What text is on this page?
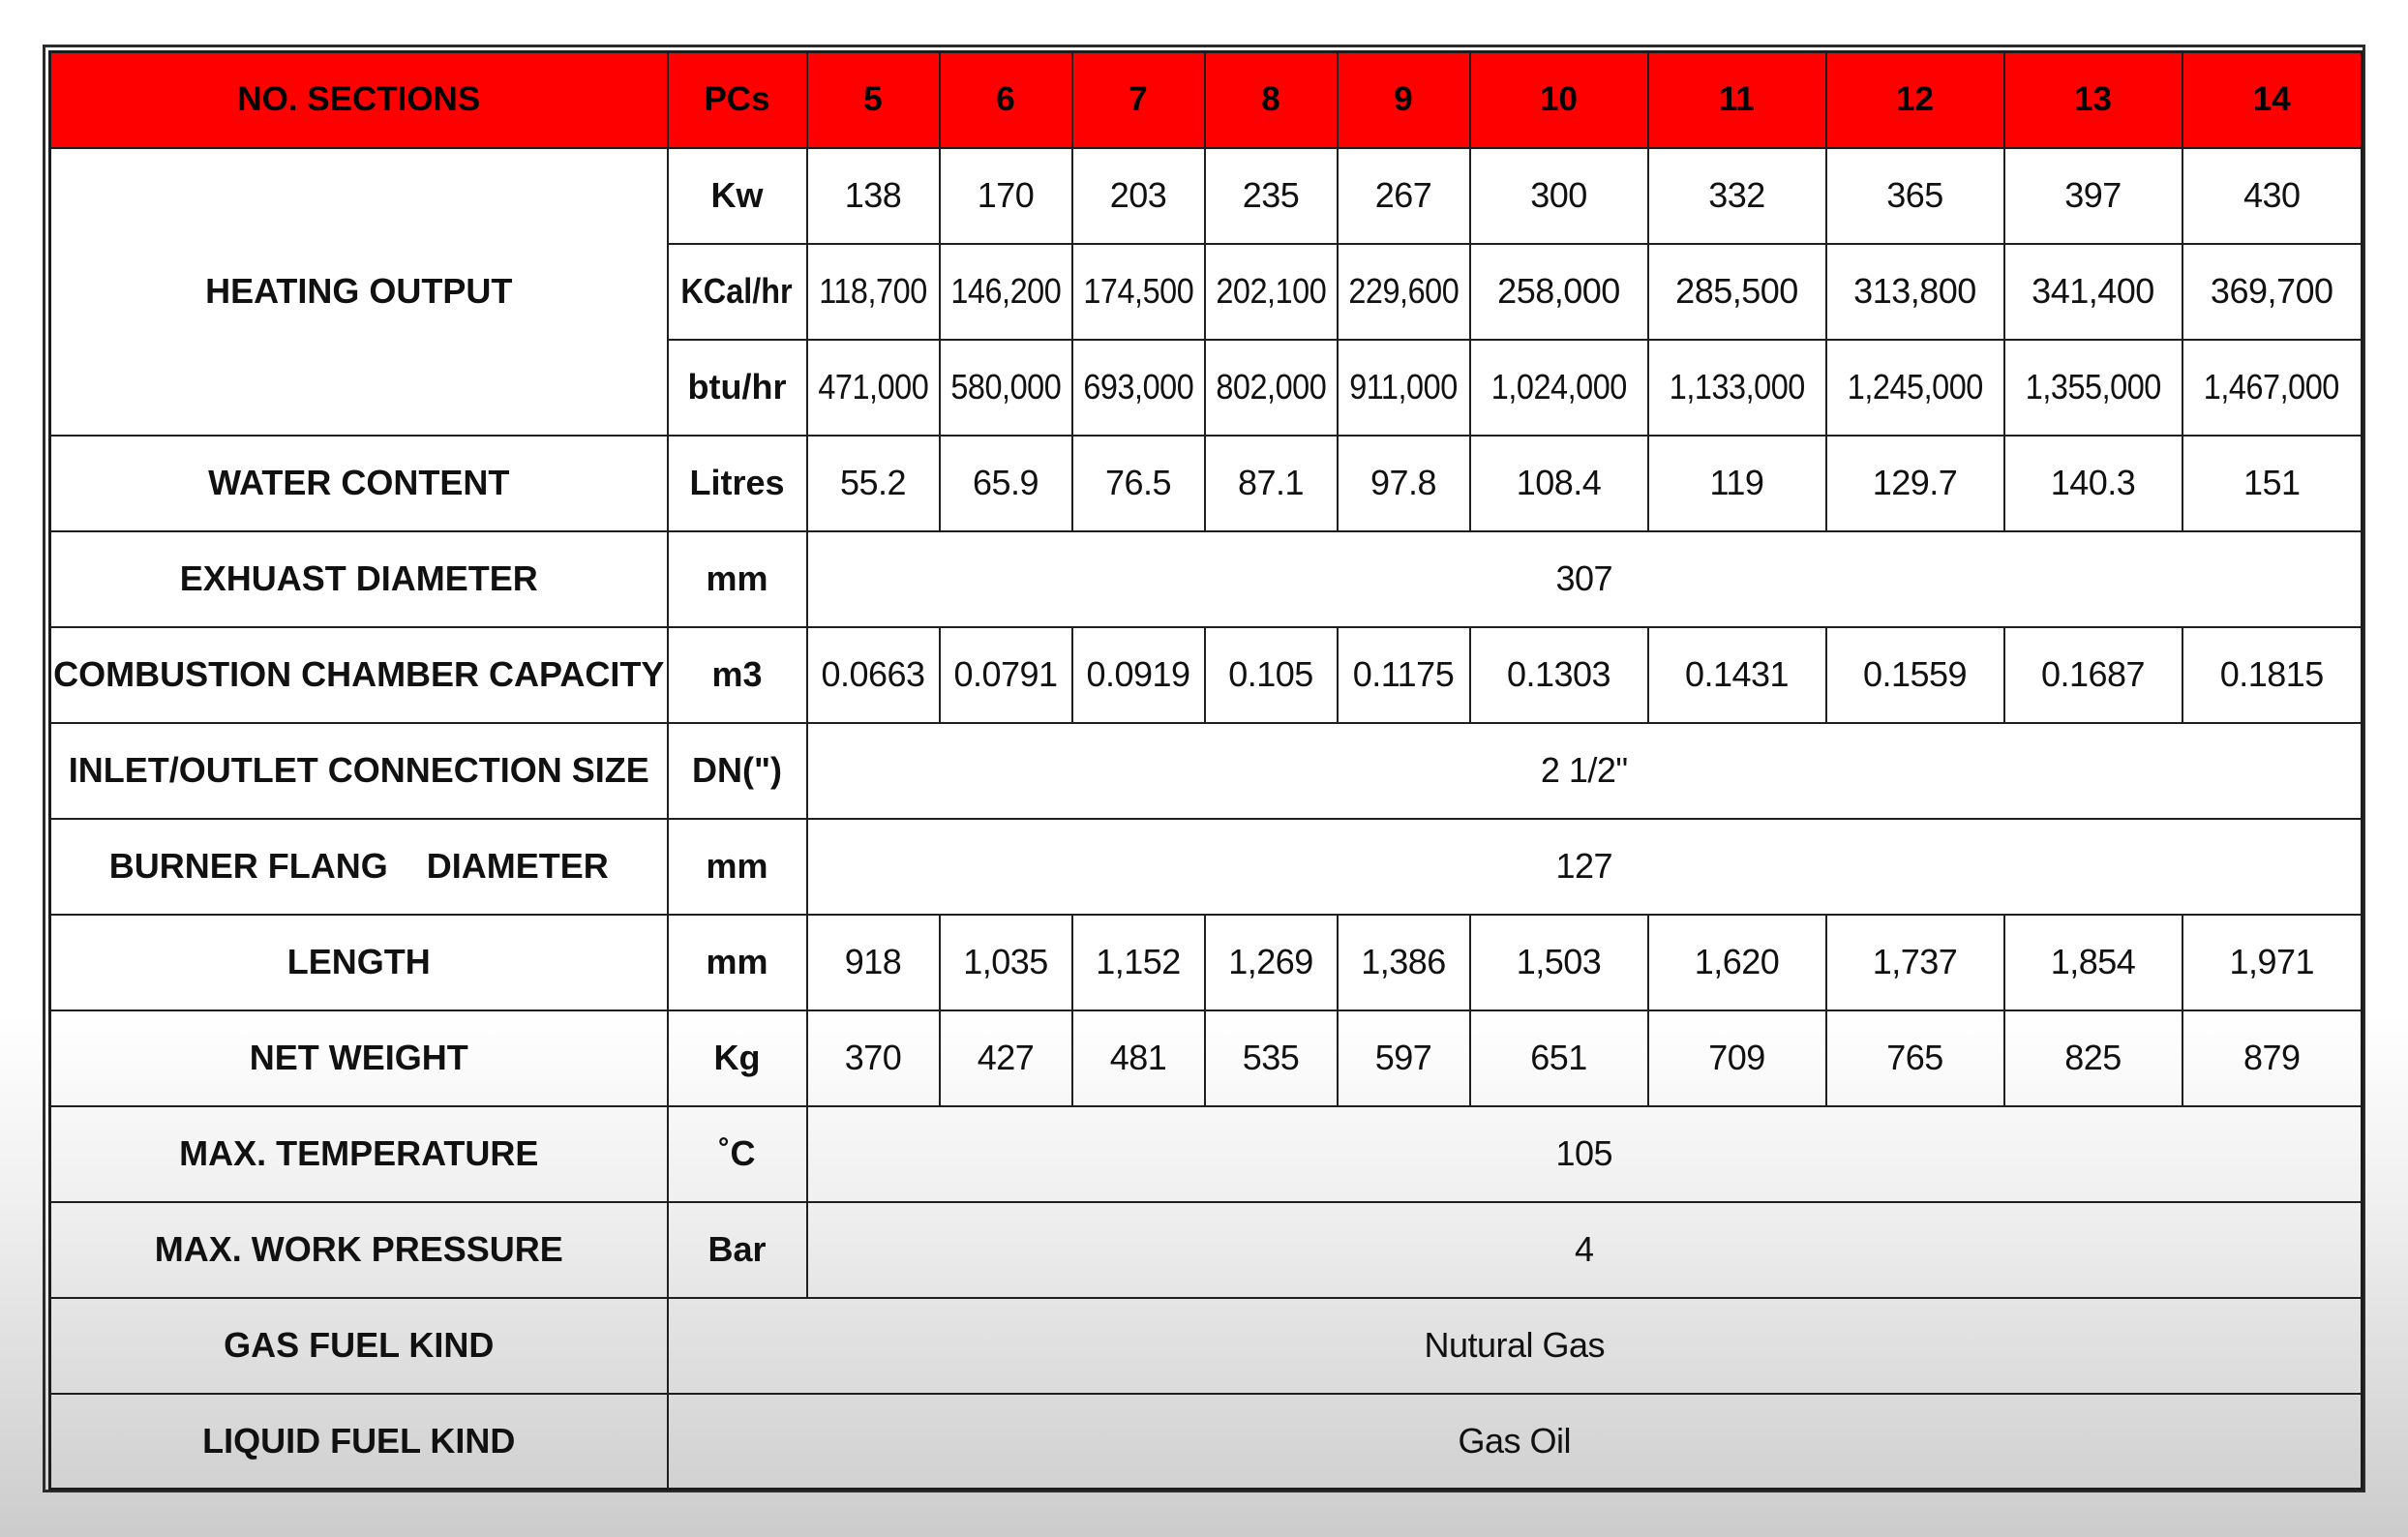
NO. SECTIONS	PCs	5	6	7	8	9	10	11	12	13	14
HEATING OUTPUT	Kw	138	170	203	235	267	300	332	365	397	430
	KCal/hr	118,700	146,200	174,500	202,100	229,600	258,000	285,500	313,800	341,400	369,700
	btu/hr	471,000	580,000	693,000	802,000	911,000	1,024,000	1,133,000	1,245,000	1,355,000	1,467,000
WATER CONTENT	Litres	55.2	65.9	76.5	87.1	97.8	108.4	119	129.7	140.3	151
EXHUAST DIAMETER	mm	307									
COMBUSTION CHAMBER CAPACITY	m3	0.0663	0.0791	0.0919	0.105	0.1175	0.1303	0.1431	0.1559	0.1687	0.1815
INLET/OUTLET CONNECTION SIZE	DN(")	2 1/2"									
BURNER FLANG    DIAMETER	mm	127									
LENGTH	mm	918	1,035	1,152	1,269	1,386	1,503	1,620	1,737	1,854	1,971
NET WEIGHT	Kg	370	427	481	535	597	651	709	765	825	879
MAX. TEMPERATURE	˚C	105									
MAX. WORK PRESSURE	Bar	4									
GAS FUEL KIND	Nutural Gas										
LIQUID FUEL KIND	Gas Oil										
